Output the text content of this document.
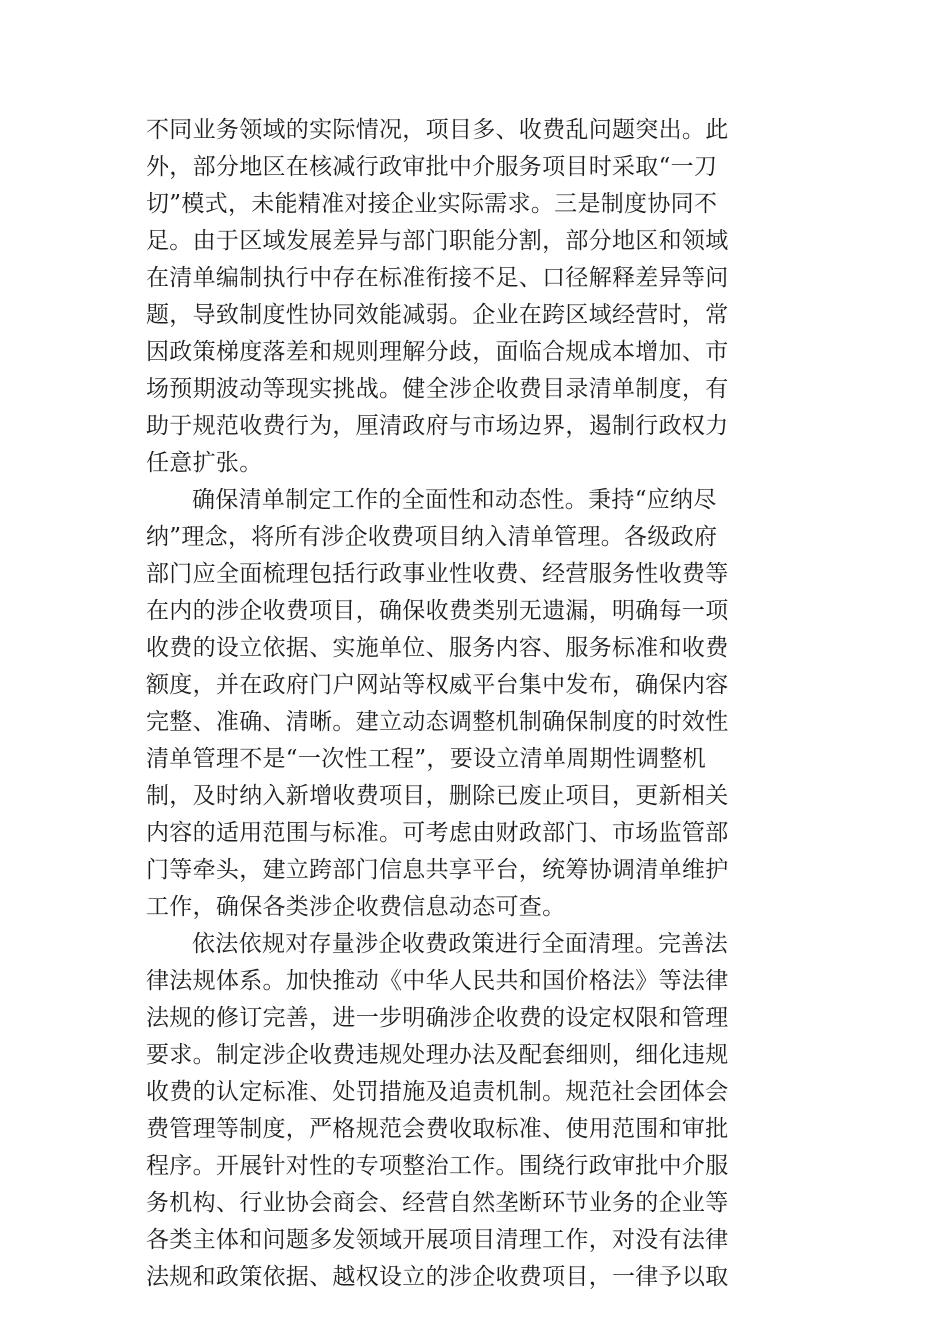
不同业务领域的实际情况，项目多、收费乱问题突出。此
外，部分地区在核减行政审批中介服务项目时采取“一刀
切”模式，未能精准对接企业实际需求。三是制度协同不
足。由于区域发展差异与部门职能分割，部分地区和领域
在清单编制执行中存在标准衔接不足、口径解释差异等问
题，导致制度性协同效能减弱。企业在跨区域经营时，常
因政策梯度落差和规则理解分歧，面临合规成本增加、市
场预期波动等现实挑战。健全涉企收费目录清单制度，有
助于规范收费行为，厘清政府与市场边界，遏制行政权力
任意扩张。
确保清单制定工作的全面性和动态性。秉持“应纳尽
纳”理念，将所有涉企收费项目纳入清单管理。各级政府
部门应全面梳理包括行政事业性收费、经营服务性收费等
在内的涉企收费项目，确保收费类别无遗漏，明确每一项
收费的设立依据、实施单位、服务内容、服务标准和收费
额度，并在政府门户网站等权威平台集中发布，确保内容
完整、准确、清晰。建立动态调整机制确保制度的时效性
清单管理不是“一次性工程”，要设立清单周期性调整机
制，及时纳入新增收费项目，删除已废止项目，更新相关
内容的适用范围与标准。可考虑由财政部门、市场监管部
门等牵头，建立跨部门信息共享平台，统筹协调清单维护
工作，确保各类涉企收费信息动态可查。
依法依规对存量涉企收费政策进行全面清理。完善法
律法规体系。加快推动《中华人民共和国价格法》等法律
法规的修订完善，进一步明确涉企收费的设定权限和管理
要求。制定涉企收费违规处理办法及配套细则，细化违规
收费的认定标准、处罚措施及追责机制。规范社会团体会
费管理等制度，严格规范会费收取标准、使用范围和审批
程序。开展针对性的专项整治工作。围绕行政审批中介服
务机构、行业协会商会、经营自然垄断环节业务的企业等
各类主体和问题多发领域开展项目清理工作，对没有法律
法规和政策依据、越权设立的涉企收费项目，一律予以取
